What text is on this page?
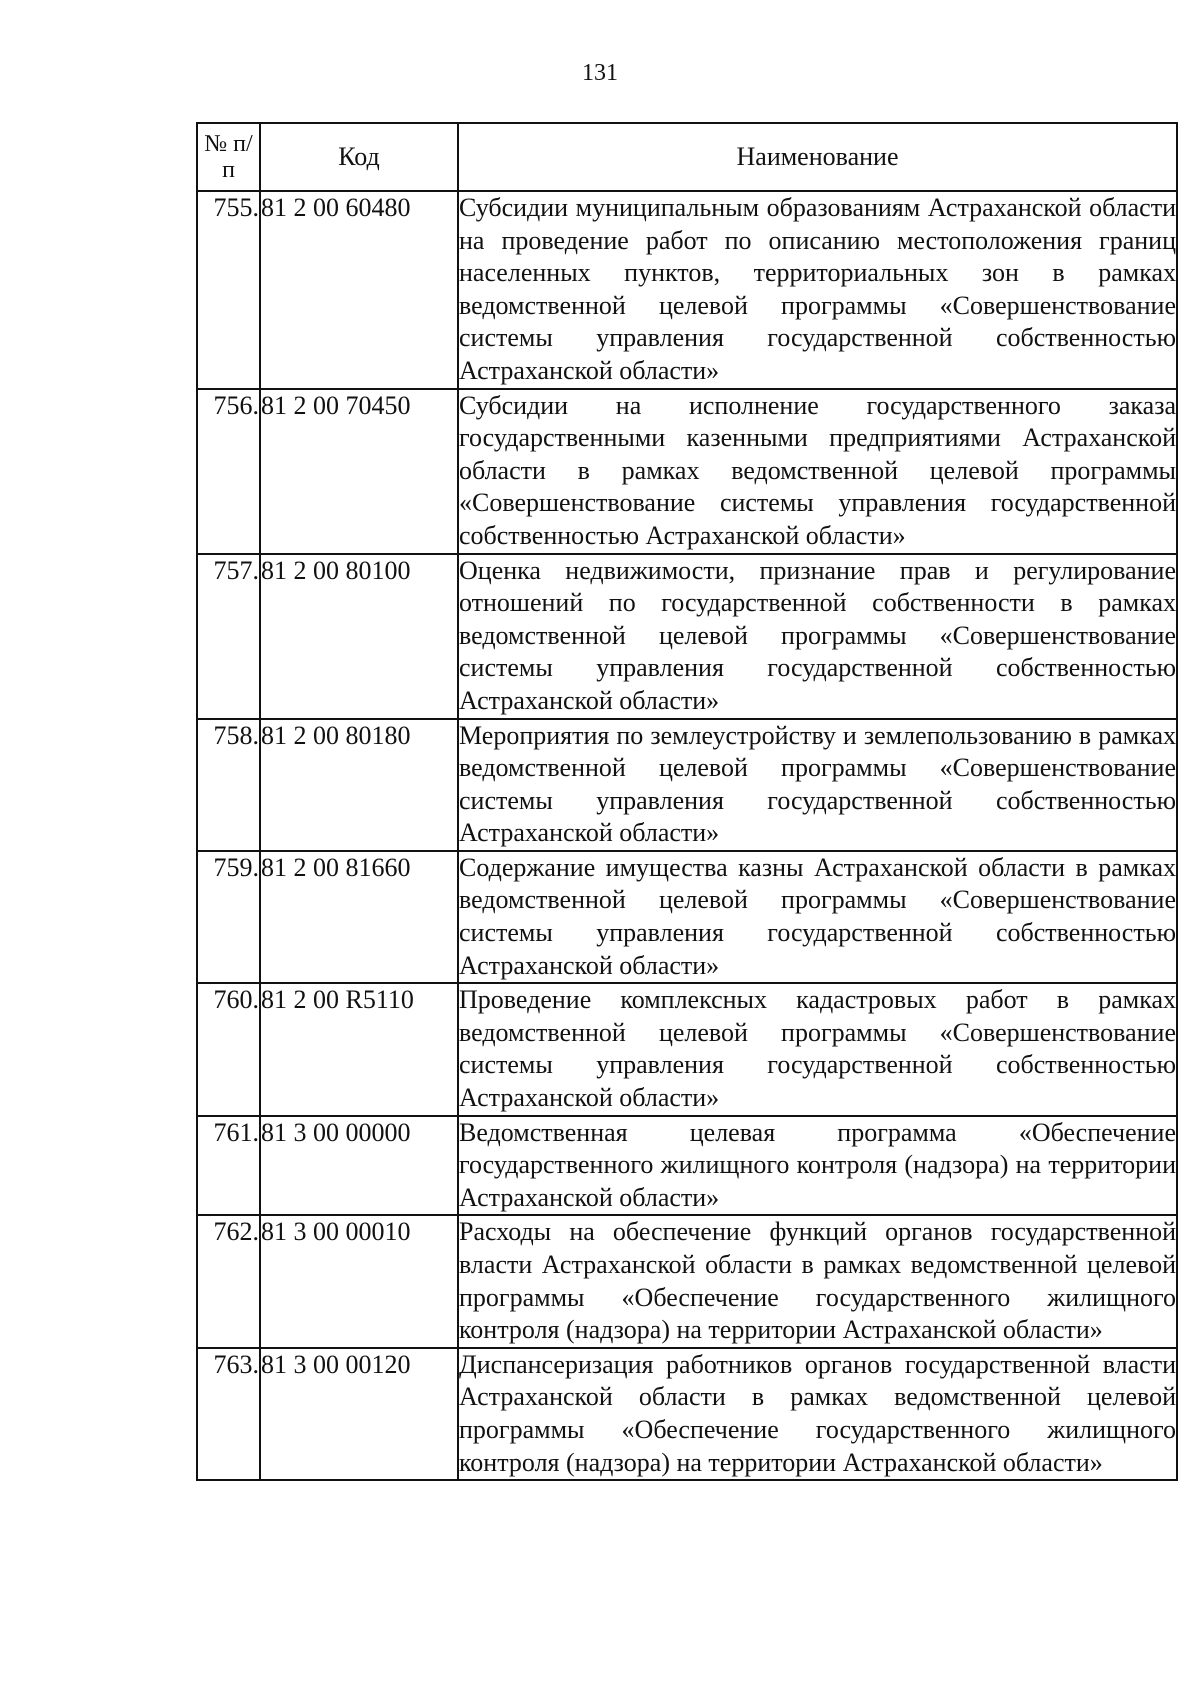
131
№ п/п	Код	Наименование
755.	81 2 00 60480	Субсидии муниципальным образованиям Астраханской области на проведение работ по описанию местоположения границ населенных пунктов, территориальных зон в рамках ведомственной целевой программы «Совершенствование системы управления государственной собственностью Астраханской области»
756.	81 2 00 70450	Субсидии на исполнение государственного заказа государственными казенными предприятиями Астраханской области в рамках ведомственной целевой программы «Совершенствование системы управления государственной собственностью Астраханской области»
757.	81 2 00 80100	Оценка недвижимости, признание прав и регулирование отношений по государственной собственности в рамках ведомственной целевой программы «Совершенствование системы управления государственной собственностью Астраханской области»
758.	81 2 00 80180	Мероприятия по землеустройству и землепользованию в рамках ведомственной целевой программы «Совершенствование системы управления государственной собственностью Астраханской области»
759.	81 2 00 81660	Содержание имущества казны Астраханской области в рамках ведомственной целевой программы «Совершенствование системы управления государственной собственностью Астраханской области»
760.	81 2 00 R5110	Проведение комплексных кадастровых работ в рамках ведомственной целевой программы «Совершенствование системы управления государственной собственностью Астраханской области»
761.	81 3 00 00000	Ведомственная целевая программа «Обеспечение государственного жилищного контроля (надзора) на территории Астраханской области»
762.	81 3 00 00010	Расходы на обеспечение функций органов государственной власти Астраханской области в рамках ведомственной целевой программы «Обеспечение государственного жилищного контроля (надзора) на территории Астраханской области»
763.	81 3 00 00120	Диспансеризация работников органов государственной власти Астраханской области в рамках ведомственной целевой программы «Обеспечение государственного жилищного контроля (надзора) на территории Астраханской области»
